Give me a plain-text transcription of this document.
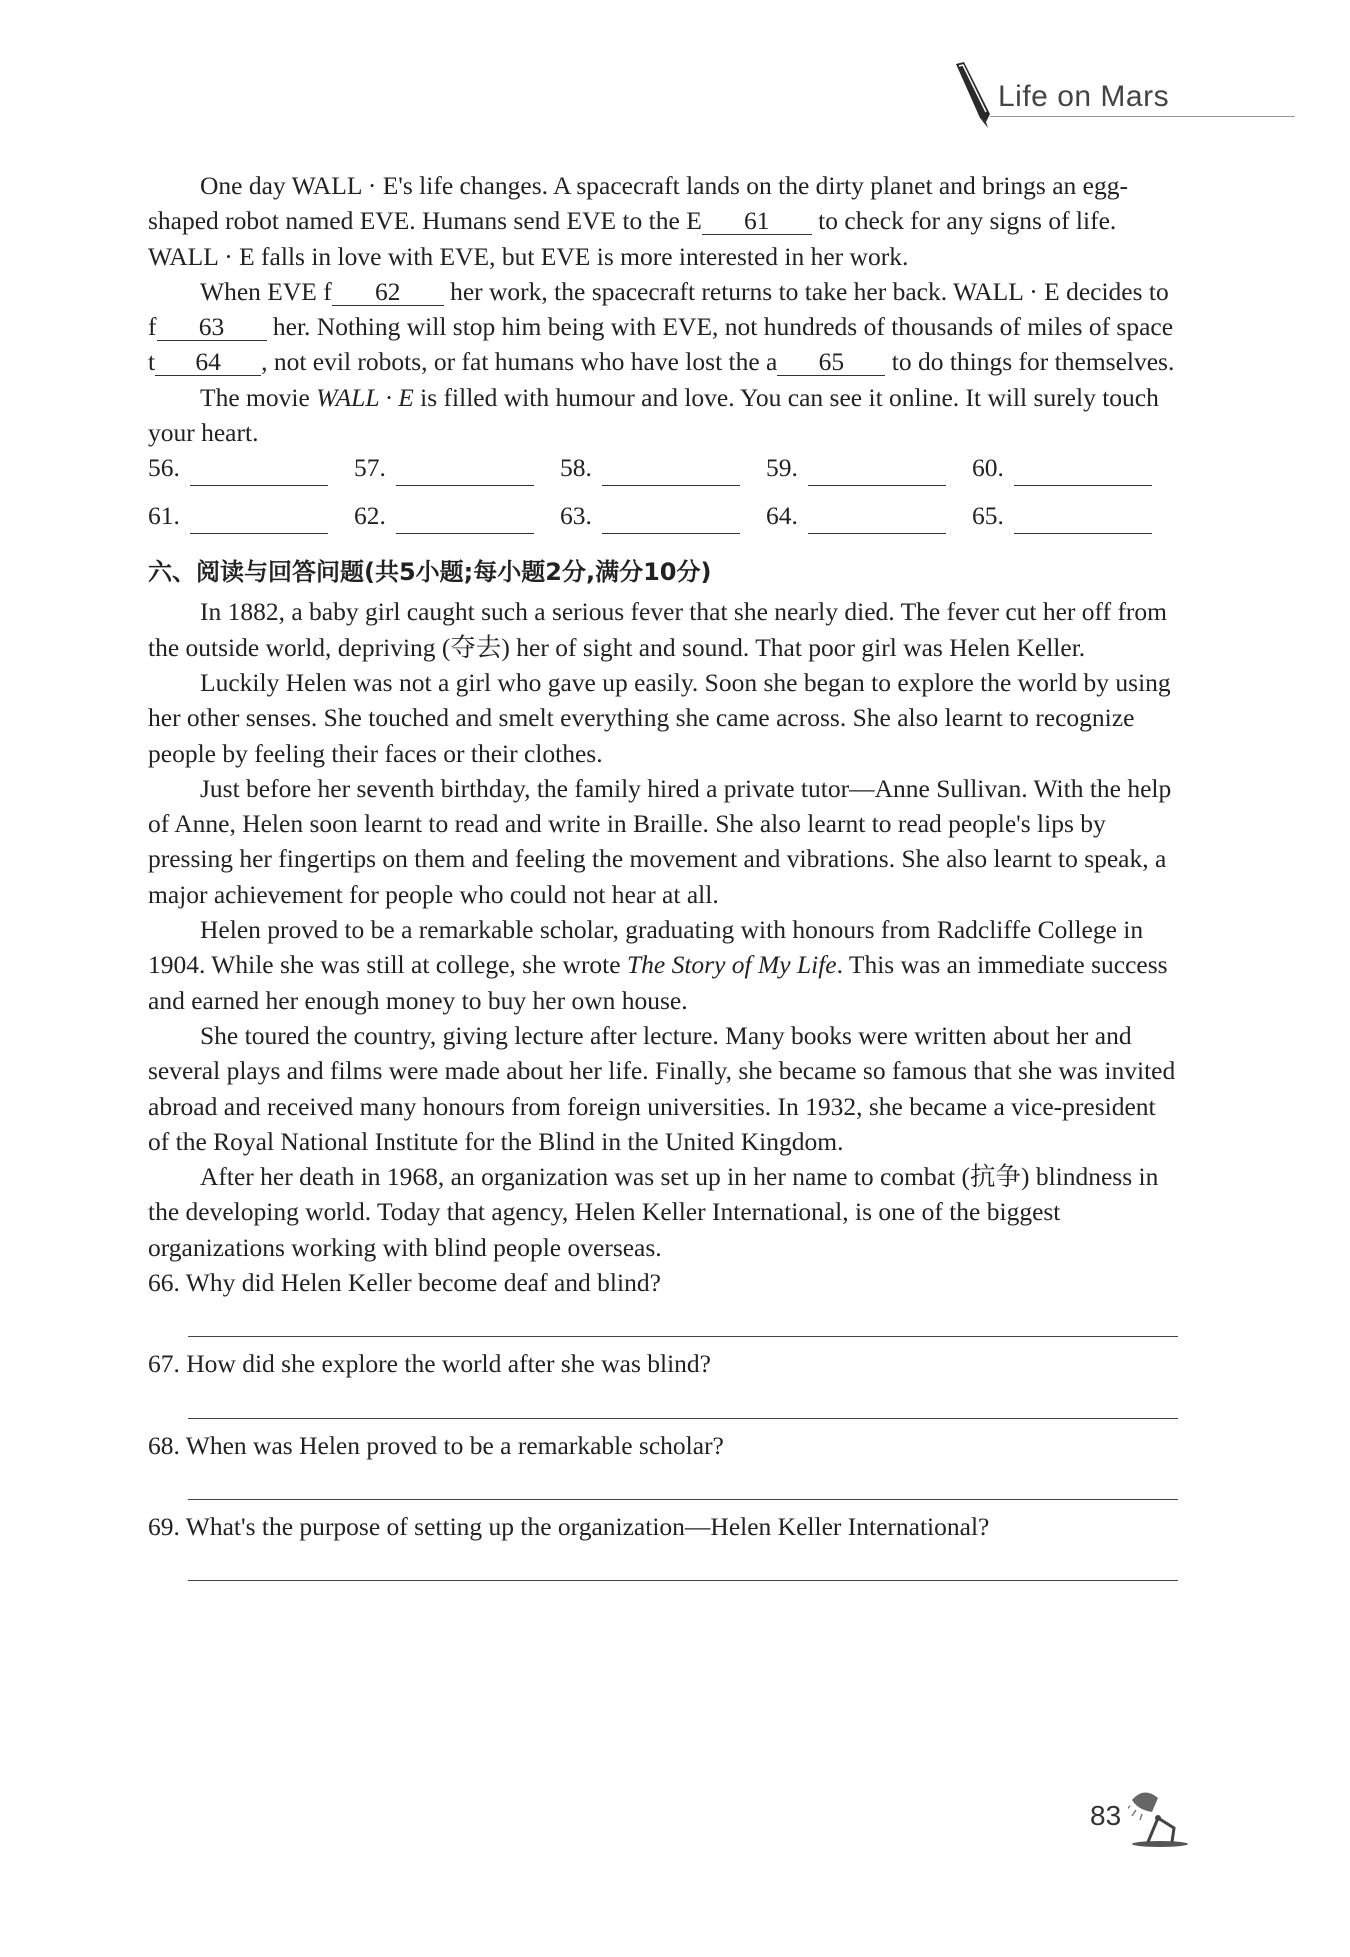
Life on Mars

One day WALL · E's life changes. A spacecraft lands on the dirty planet and brings an egg-shaped robot named EVE. Humans send EVE to the E 61 to check for any signs of life. WALL · E falls in love with EVE, but EVE is more interested in her work.

When EVE f 62 her work, the spacecraft returns to take her back. WALL · E decides to f 63 her. Nothing will stop him being with EVE, not hundreds of thousands of miles of space t 64 , not evil robots, or fat humans who have lost the a 65 to do things for themselves.

The movie WALL · E is filled with humour and love. You can see it online. It will surely touch your heart.

56.	57.	58.	59.	60.
61.	62.	63.	64.	65.
六、阅读与回答问题(共5小题;每小题2分,满分10分)

In 1882, a baby girl caught such a serious fever that she nearly died. The fever cut her off from the outside world, depriving (夺去) her of sight and sound. That poor girl was Helen Keller.

Luckily Helen was not a girl who gave up easily. Soon she began to explore the world by using her other senses. She touched and smelt everything she came across. She also learnt to recognize people by feeling their faces or their clothes.

Just before her seventh birthday, the family hired a private tutor—Anne Sullivan. With the help of Anne, Helen soon learnt to read and write in Braille. She also learnt to read people's lips by pressing her fingertips on them and feeling the movement and vibrations. She also learnt to speak, a major achievement for people who could not hear at all.

Helen proved to be a remarkable scholar, graduating with honours from Radcliffe College in 1904. While she was still at college, she wrote The Story of My Life. This was an immediate success and earned her enough money to buy her own house.

She toured the country, giving lecture after lecture. Many books were written about her and several plays and films were made about her life. Finally, she became so famous that she was invited abroad and received many honours from foreign universities. In 1932, she became a vice-president of the Royal National Institute for the Blind in the United Kingdom.

After her death in 1968, an organization was set up in her name to combat (抗争) blindness in the developing world. Today that agency, Helen Keller International, is one of the biggest organizations working with blind people overseas.

66. Why did Helen Keller become deaf and blind?
67. How did she explore the world after she was blind?
68. When was Helen proved to be a remarkable scholar?
69. What's the purpose of setting up the organization—Helen Keller International?
83
